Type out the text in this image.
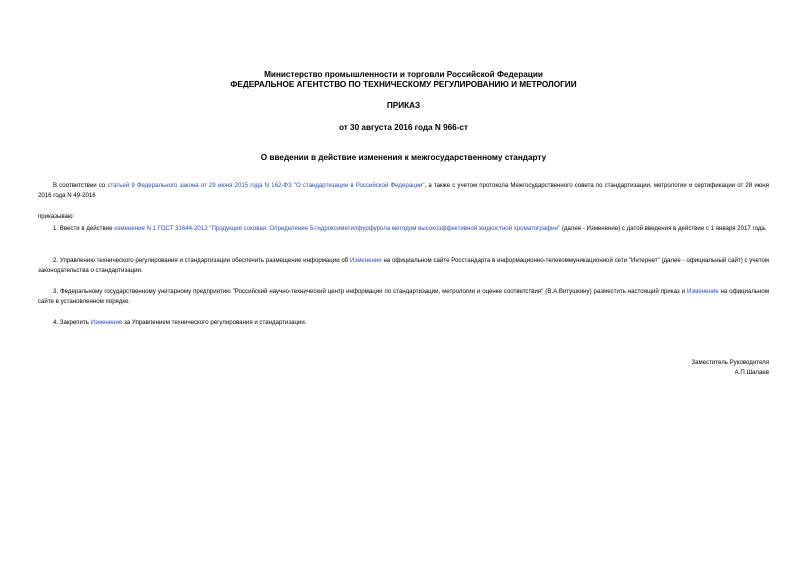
Министерство промышленности и торговли Российской Федерации
ФЕДЕРАЛЬНОЕ АГЕНТСТВО ПО ТЕХНИЧЕСКОМУ РЕГУЛИРОВАНИЮ И МЕТРОЛОГИИ
ПРИКАЗ
от 30 августа 2016 года N 966-ст
О введении в действие изменения к межгосударственному стандарту
В соответствии со статьей 9 Федерального закона от 29 июня 2015 года N 162-ФЗ "О стандартизации в Российской Федерации", а также с учетом протокола Межгосударственного совета по стандартизации, метрологии и сертификации от 28 июня 2016 года N 49-2016
приказываю:
1. Ввести в действие изменение N 1 ГОСТ 31644-2012 "Продукция соковая. Определение 5-гидроксиметилфурфурола методом высокоэффективной жидкостной хроматографии" (далее - Изменение) с датой введения в действие с 1 января 2017 года.
2. Управлению технического регулирования и стандартизации обеспечить размещение информации об Изменении на официальном сайте Росстандарта в информационно-телекоммуникационной сети "Интернет" (далее - официальный сайт) с учетом законодательства о стандартизации.
3. Федеральному государственному унитарному предприятию "Российский научно-технический центр информации по стандартизации, метрологии и оценке соответствия" (В.А.Витушкину) разместить настоящий приказ и Изменение на официальном сайте в установленном порядке.
4. Закрепить Изменение за Управлением технического регулирования и стандартизации.
Заместитель Руководителя
А.П.Шалаев
